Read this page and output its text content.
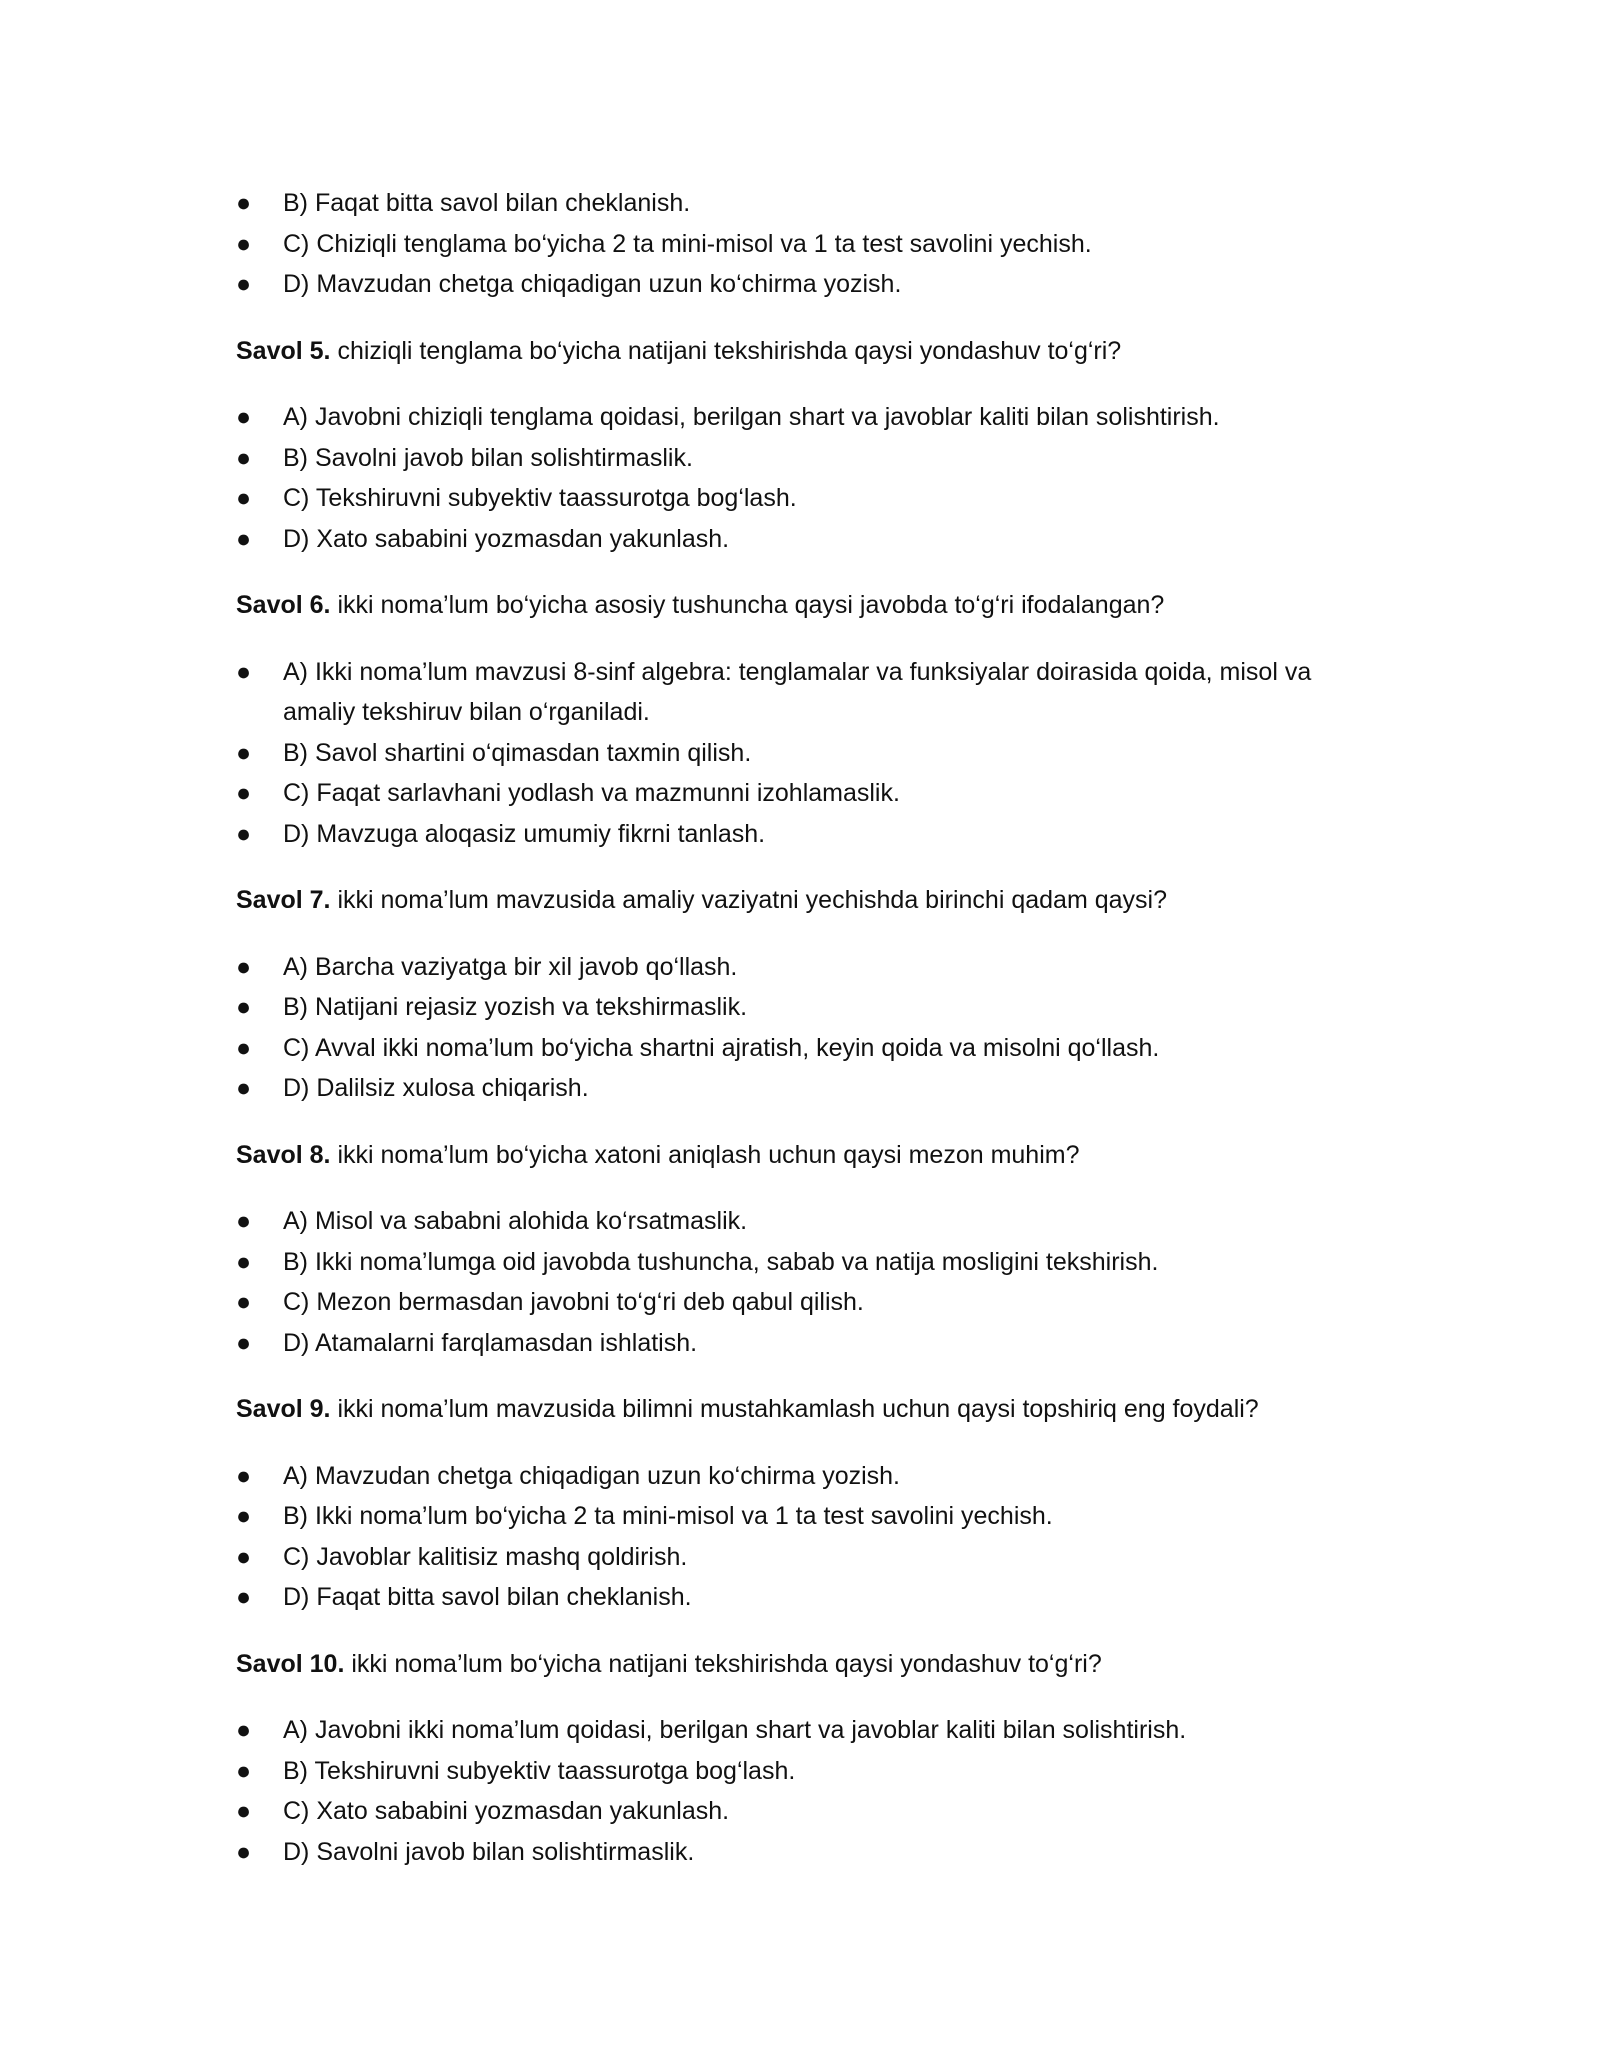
● B) Faqat bitta savol bilan cheklanish.
● C) Chiziqli tenglama bo‘yicha 2 ta mini-misol va 1 ta test savolini yechish.
● D) Mavzudan chetga chiqadigan uzun ko‘chirma yozish.

Savol 5. chiziqli tenglama bo‘yicha natijani tekshirishda qaysi yondashuv to‘g‘ri?

● A) Javobni chiziqli tenglama qoidasi, berilgan shart va javoblar kaliti bilan solishtirish.
● B) Savolni javob bilan solishtirmaslik.
● C) Tekshiruvni subyektiv taassurotga bog‘lash.
● D) Xato sababini yozmasdan yakunlash.

Savol 6. ikki noma’lum bo‘yicha asosiy tushuncha qaysi javobda to‘g‘ri ifodalangan?

● A) Ikki noma’lum mavzusi 8-sinf algebra: tenglamalar va funksiyalar doirasida qoida, misol va amaliy tekshiruv bilan o‘rganiladi.
● B) Savol shartini o‘qimasdan taxmin qilish.
● C) Faqat sarlavhani yodlash va mazmunni izohlamaslik.
● D) Mavzuga aloqasiz umumiy fikrni tanlash.

Savol 7. ikki noma’lum mavzusida amaliy vaziyatni yechishda birinchi qadam qaysi?

● A) Barcha vaziyatga bir xil javob qo‘llash.
● B) Natijani rejasiz yozish va tekshirmaslik.
● C) Avval ikki noma’lum bo‘yicha shartni ajratish, keyin qoida va misolni qo‘llash.
● D) Dalilsiz xulosa chiqarish.

Savol 8. ikki noma’lum bo‘yicha xatoni aniqlash uchun qaysi mezon muhim?

● A) Misol va sababni alohida ko‘rsatmaslik.
● B) Ikki noma’lumga oid javobda tushuncha, sabab va natija mosligini tekshirish.
● C) Mezon bermasdan javobni to‘g‘ri deb qabul qilish.
● D) Atamalarni farqlamasdan ishlatish.

Savol 9. ikki noma’lum mavzusida bilimni mustahkamlash uchun qaysi topshiriq eng foydali?

● A) Mavzudan chetga chiqadigan uzun ko‘chirma yozish.
● B) Ikki noma’lum bo‘yicha 2 ta mini-misol va 1 ta test savolini yechish.
● C) Javoblar kalitisiz mashq qoldirish.
● D) Faqat bitta savol bilan cheklanish.

Savol 10. ikki noma’lum bo‘yicha natijani tekshirishda qaysi yondashuv to‘g‘ri?

● A) Javobni ikki noma’lum qoidasi, berilgan shart va javoblar kaliti bilan solishtirish.
● B) Tekshiruvni subyektiv taassurotga bog‘lash.
● C) Xato sababini yozmasdan yakunlash.
● D) Savolni javob bilan solishtirmaslik.
